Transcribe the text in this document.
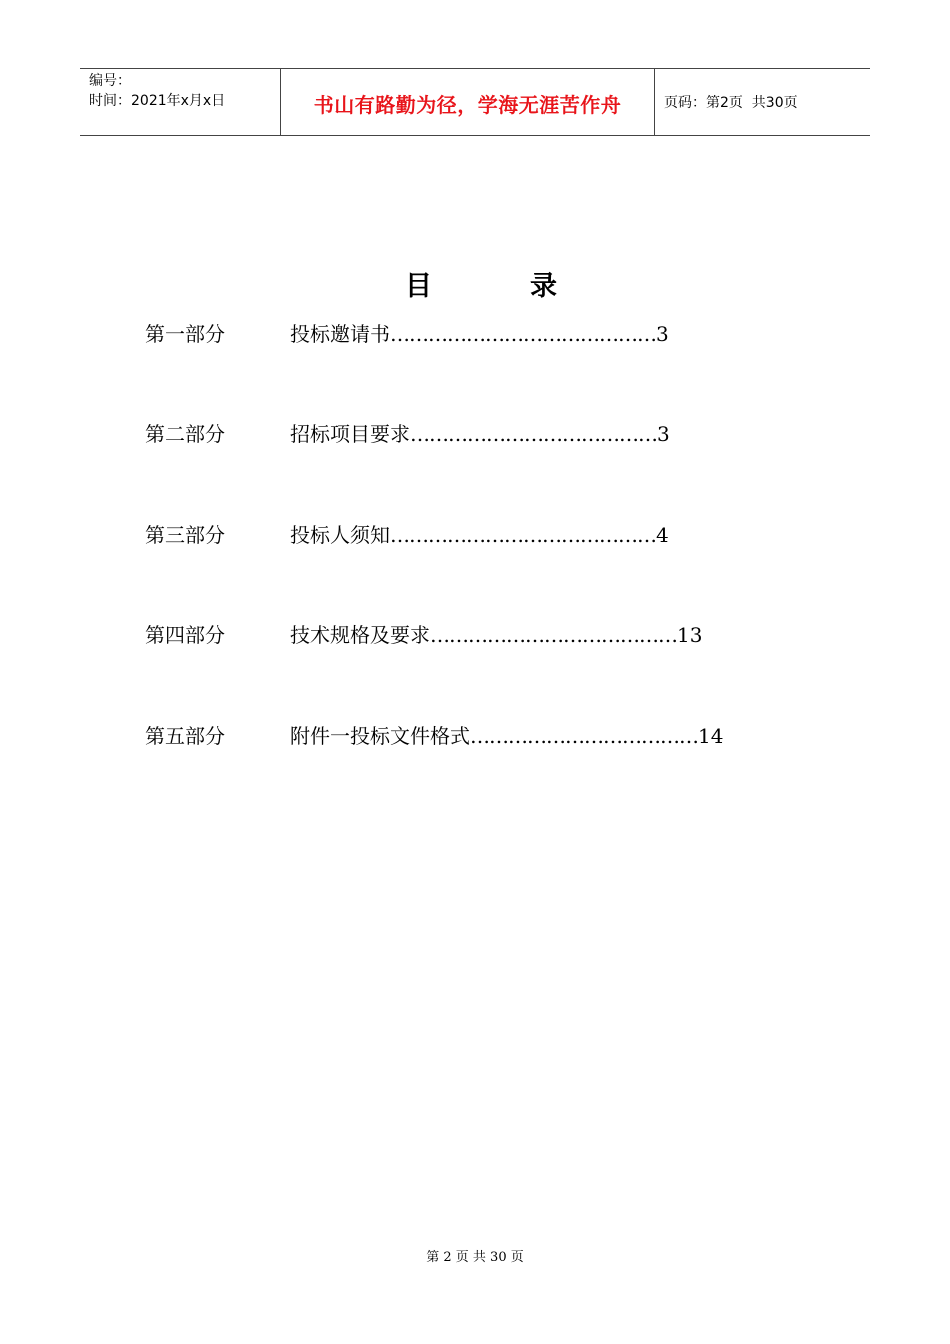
编号：
时间：2021年x月x日	书山有路勤为径，学海无涯苦作舟	页码：第2页  共30页
目	录
第一部分	投标邀请书……………………………………3
第二部分	招标项目要求…………………………………3
第三部分	投标人须知……………………………………4
第四部分	技术规格及要求…………………………………13
第五部分	附件一投标文件格式………………………………14
第 2 页 共 30 页
